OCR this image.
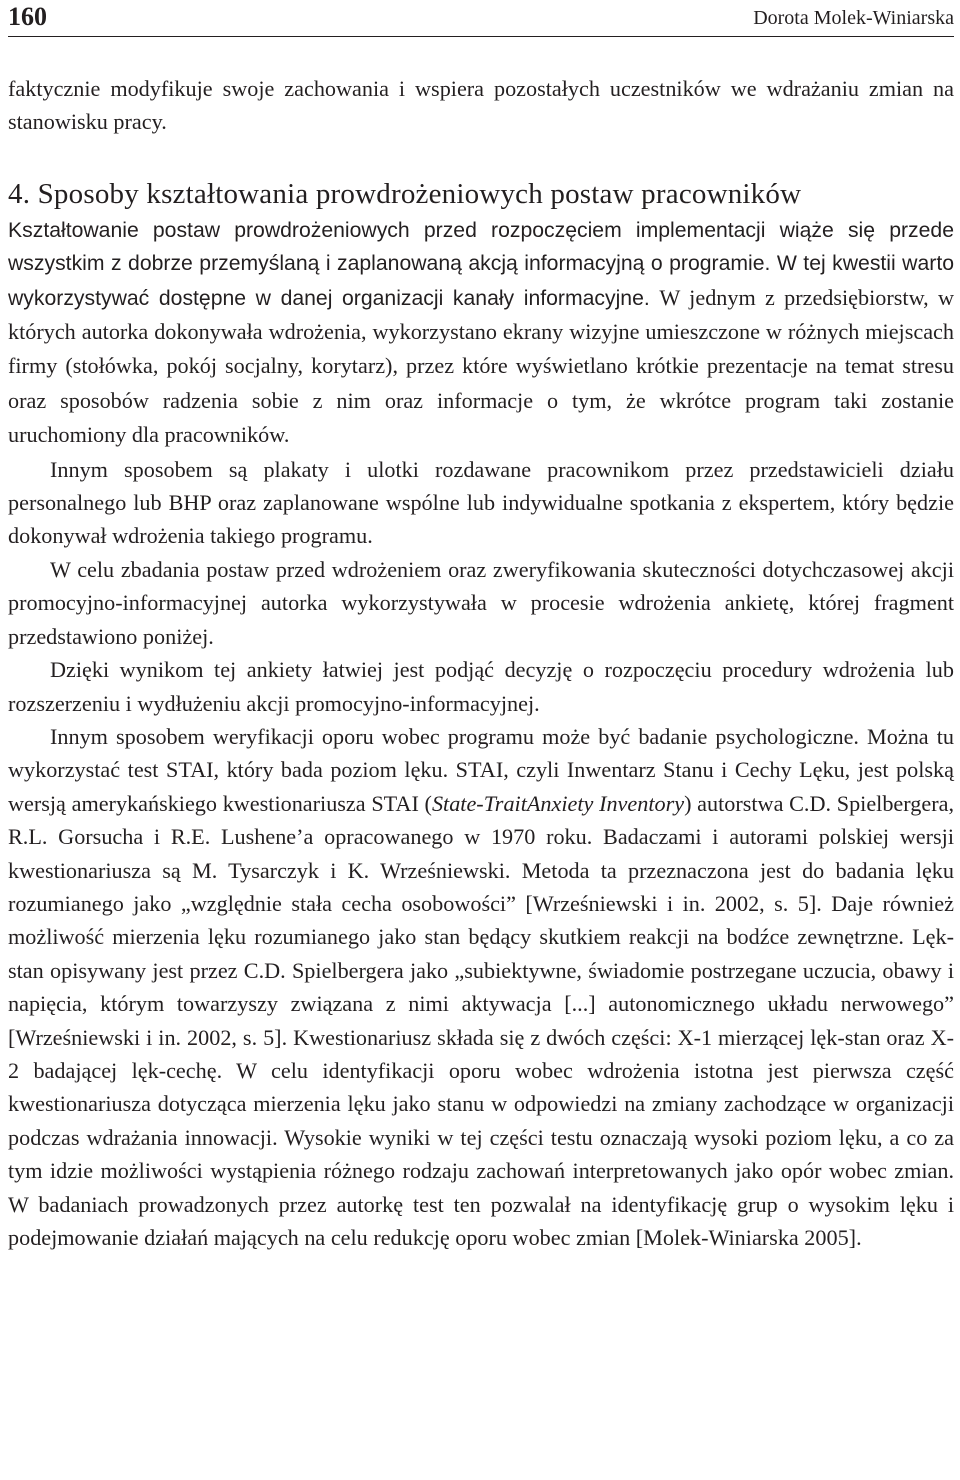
160	Dorota Molek-Winiarska

faktycznie modyfikuje swoje zachowania i wspiera pozostałych uczestników we wdrażaniu zmian na stanowisku pracy.

4. Sposoby kształtowania prowdrożeniowych postaw pracowników

Kształtowanie postaw prowdrożeniowych przed rozpoczęciem implementacji wiąże się przede wszystkim z dobrze przemyślaną i zaplanowaną akcją informacyjną o programie. W tej kwestii warto wykorzystywać dostępne w danej organizacji kanały informacyjne. W jednym z przedsiębiorstw, w których autorka dokonywała wdrożenia, wykorzystano ekrany wizyjne umieszczone w różnych miejscach firmy (stołówka, pokój socjalny, korytarz), przez które wyświetlano krótkie prezentacje na temat stresu oraz sposobów radzenia sobie z nim oraz informacje o tym, że wkrótce program taki zostanie uruchomiony dla pracowników.

Innym sposobem są plakaty i ulotki rozdawane pracownikom przez przedstawicieli działu personalnego lub BHP oraz zaplanowane wspólne lub indywidualne spotkania z ekspertem, który będzie dokonywał wdrożenia takiego programu.

W celu zbadania postaw przed wdrożeniem oraz zweryfikowania skuteczności dotychczasowej akcji promocyjno-informacyjnej autorka wykorzystywała w procesie wdrożenia ankietę, której fragment przedstawiono poniżej.

Dzięki wynikom tej ankiety łatwiej jest podjąć decyzję o rozpoczęciu procedury wdrożenia lub rozszerzeniu i wydłużeniu akcji promocyjno-informacyjnej.

Innym sposobem weryfikacji oporu wobec programu może być badanie psychologiczne. Można tu wykorzystać test STAI, który bada poziom lęku. STAI, czyli Inwentarz Stanu i Cechy Lęku, jest polską wersją amerykańskiego kwestionariusza STAI (State-TraitAnxiety Inventory) autorstwa C.D. Spielbergera, R.L. Gorsucha i R.E. Lushene’a opracowanego w 1970 roku. Badaczami i autorami polskiej wersji kwestionariusza są M. Tysarczyk i K. Wrześniewski. Metoda ta przeznaczona jest do badania lęku rozumianego jako „względnie stała cecha osobowości” [Wrześniewski i in. 2002, s. 5]. Daje również możliwość mierzenia lęku rozumianego jako stan będący skutkiem reakcji na bodźce zewnętrzne. Lęk-stan opisywany jest przez C.D. Spielbergera jako „subiektywne, świadomie postrzegane uczucia, obawy i napięcia, którym towarzyszy związana z nimi aktywacja [...] autonomicznego układu nerwowego” [Wrześniewski i in. 2002, s. 5]. Kwestionariusz składa się z dwóch części: X-1 mierzącej lęk-stan oraz X-2 badającej lęk-cechę. W celu identyfikacji oporu wobec wdrożenia istotna jest pierwsza część kwestionariusza dotycząca mierzenia lęku jako stanu w odpowiedzi na zmiany zachodzące w organizacji podczas wdrażania innowacji. Wysokie wyniki w tej części testu oznaczają wysoki poziom lęku, a co za tym idzie możliwości wystąpienia różnego rodzaju zachowań interpretowanych jako opór wobec zmian. W badaniach prowadzonych przez autorkę test ten pozwalał na identyfikację grup o wysokim lęku i podejmowanie działań mających na celu redukcję oporu wobec zmian [Molek-Winiarska 2005].
